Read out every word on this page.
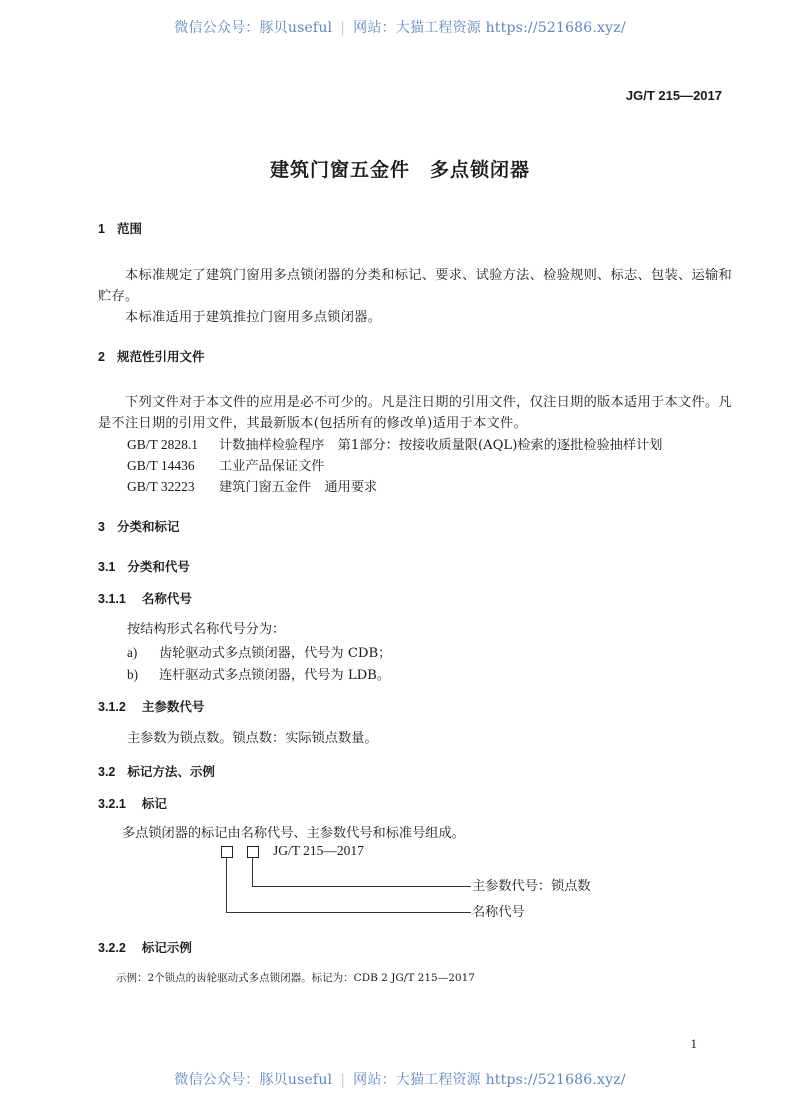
微信公众号：豚贝useful | 网站：大猫工程资源 https://521686.xyz/
JG/T 215—2017
建筑门窗五金件　多点锁闭器
1 范围
本标准规定了建筑门窗用多点锁闭器的分类和标记、要求、试验方法、检验规则、标志、包装、运输和贮存。
本标准适用于建筑推拉门窗用多点锁闭器。
2 规范性引用文件
下列文件对于本文件的应用是必不可少的。凡是注日期的引用文件，仅注日期的版本适用于本文件。凡是不注日期的引用文件，其最新版本(包括所有的修改单)适用于本文件。
GB/T 2828.1 计数抽样检验程序　第1部分：按接收质量限(AQL)检索的逐批检验抽样计划
GB/T 14436 工业产品保证文件
GB/T 32223 建筑门窗五金件　通用要求
3 分类和标记
3.1 分类和代号
3.1.1 名称代号
按结构形式名称代号分为：
a) 齿轮驱动式多点锁闭器，代号为 CDB；
b) 连杆驱动式多点锁闭器，代号为 LDB。
3.1.2 主参数代号
主参数为锁点数。锁点数：实际锁点数量。
3.2 标记方法、示例
3.2.1 标记
多点锁闭器的标记由名称代号、主参数代号和标准号组成。
JG/T 215—2017
主参数代号：锁点数
名称代号
3.2.2 标记示例
示例：2个锁点的齿轮驱动式多点锁闭器。标记为：CDB 2 JG/T 215—2017
1
微信公众号：豚贝useful | 网站：大猫工程资源 https://521686.xyz/
